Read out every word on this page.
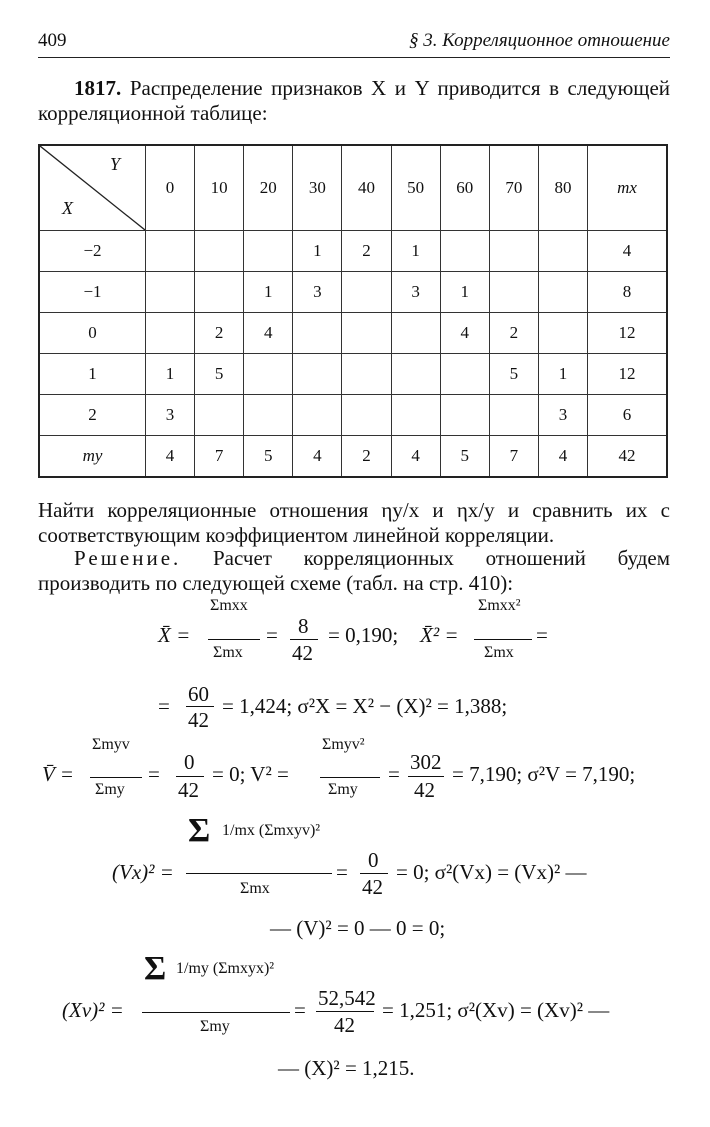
409	§ 3. Корреляционное отношение
1817. Распределение признаков X и Y приводится в следующей корреляционной таблице:
Y
X	0	10	20	30	40	50	60	70	80	mx
−2				1	2	1				4
−1			1	3		3	1			8
0		2	4				4	2		12
1	1	5						5	1	12
2	3								3	6
my	4	7	5	4	2	4	5	7	4	42
Найти корреляционные отношения ηy/x и ηx/y и сравнить их с соответствующим коэффициентом линейной корреляции.
Решение. Расчет корреляционных отношений будем производить по следующей схеме (табл. на стр. 410):
X̄ =
Σmxx
Σmx
= 8
42
= 0,190; X̄² =
Σmxx²
Σmx
=
= 60
42
= 1,424; σ²X = X² − (X)² = 1,388;
V̄ =
Σmyv
Σmy
= 0
42
= 0; V² =
Σmyv²
Σmy
= 302
42
= 7,190; σ²V = 7,190;
(Vx)² =
Σ 1/mx (Σmxyv)²
Σmx
= 0
42
= 0; σ²(Vx) = (Vx)² —
— (V)² = 0 — 0 = 0;
(Xv)² =
Σ 1/my (Σmxyx)²
Σmy
= 52,542
42
= 1,251; σ²(Xv) = (Xv)² —
— (X)² = 1,215.
